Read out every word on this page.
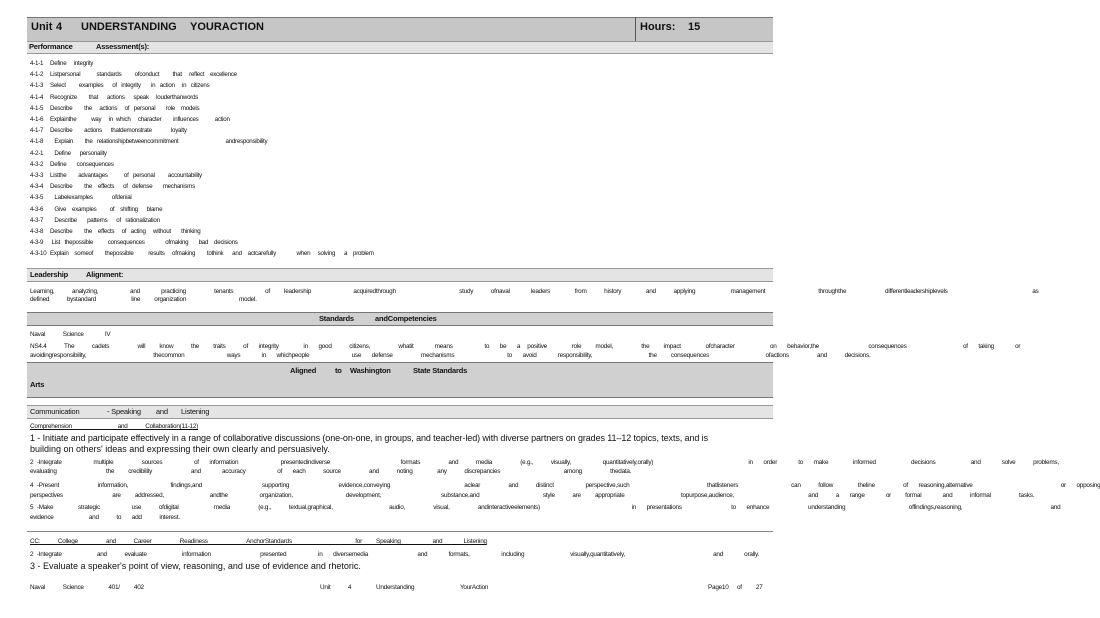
Unit 4 UNDERSTANDING YOURACTION	Hours: 15
Performance	Assessment(s):
4-1-1 Define     integrity
4-1-2 Listpersonal           standards         ofconduct         that     reflect    excellence
4-1-3 Select         examples      of   integrity       in   action     in   citizens
4-1-4 Recognize        that      actions      speak     louderthanwords
4-1-5 Describe        the     actions     of   personal       role    models
4-1-6 Explainthe          way     in  which     character        influences           action
4-1-7 Describe        actions      thatdemonstrate             loyalty
4-1-8   Explain        the   relationshipbetweencommitment                                andresponsibility
4-2-1   Define      personality
4-3-2 Define       consequences
4-3-3 Listthe        advantages           of   personal         accountability
4-3-4 Describe        the    effects      of   defense       mechanisms
4-3-5   Labelexamples             ofdenial
4-3-6   Give    examples         of    shifting      blame
4-3-7   Describe       patterns      of   rationalization
4-3-8 Describe        the    effects     of   acting     without       thinking
4-3-9 List   thepossible          consequences              ofmaking       bad    decisions
4-3-10 Explain    someof        thepossible          results     ofmaking        tothink      and    actcarefully              when     solving      a    problem
Leadership Alignment:
Learning,     analyzing,         and      practicing        tenants         of    leadership            acquiredthrough                  study     ofnaval      leaders       from     history       and     applying          management               throughthe           differentleadershiplevels                        as
defined     bystandard          line    organization               model.
Standards	andCompetencies
Naval     Science      IV
NS4.4     The     cadets        will    know     the    traits     of   integrity       in   good     citizens,        whatit      means         to   be   a  positive       role    model,        the    impact       ofcharacter          on   behavior,the              consequences                of   taking      or
avoidingresponsibility,                   thecommon            ways      in   whichpeople            use   defense        mechanisms               to   avoid      responsibility,                the    consequences                ofactions        and     decisions.
Aligned	to Washington	State Standards
Arts
Communication	- Speaking        and       Listening
Comprehension             and     Collaboration(11-12)
1 - Initiate and participate effectively in a range of collaborative discussions (one-on-one, in groups, and teacher-led) with diverse partners on grades 11–12 topics, texts, and is
building on others' ideas and expressing their own clearly and persuasively.
2 -Integrate         multiple        sources         of   information            presentedindiverse                    formats        and     media        (e.g.,     visually,         quantitatively,orally)                           in   order      to   make       informed          decisions          and      solve     problems,
evaluating              the    credibility           and      accuracy         of   each     source        and     noting       any     discrepancies                  among        thedata.
4 -Present           information,            findings,and                 supporting              evidence,conveying                     aclear        and     distinct         perspective,such                      thatlisteners               can     follow       theline        of   reasoning,alternative                         or   opposing
perspectives              are    addressed,             andthe         organization,               development,                 substance,and                  style     are    appropriate                topurpose,audience,                     and     a   range      or    formal      and     informal        tasks.
5 -Make       strategic         use     ofdigital          media        (e.g.,     textual,graphical,                audio,        visual,        andinteractiveelements)                          in   presentations              to   enhance           understanding                  offindings,reasoning,                         and
evidence          and     to   add     interest.
CC:     College        and     Career        Readiness           AnchorStandards                  for    Speaking         and      Listening
2 -Integrate          and     evaluate          information              presented         in   diversemedia              and      formats,         including             visually,quantitatively,                         and      orally.
3 - Evaluate a speaker's point of view, reasoning, and use of evidence and rhetoric.
Naval     Science       401/    402	Unit     4       Understanding             YourAction	Page10 of    27
